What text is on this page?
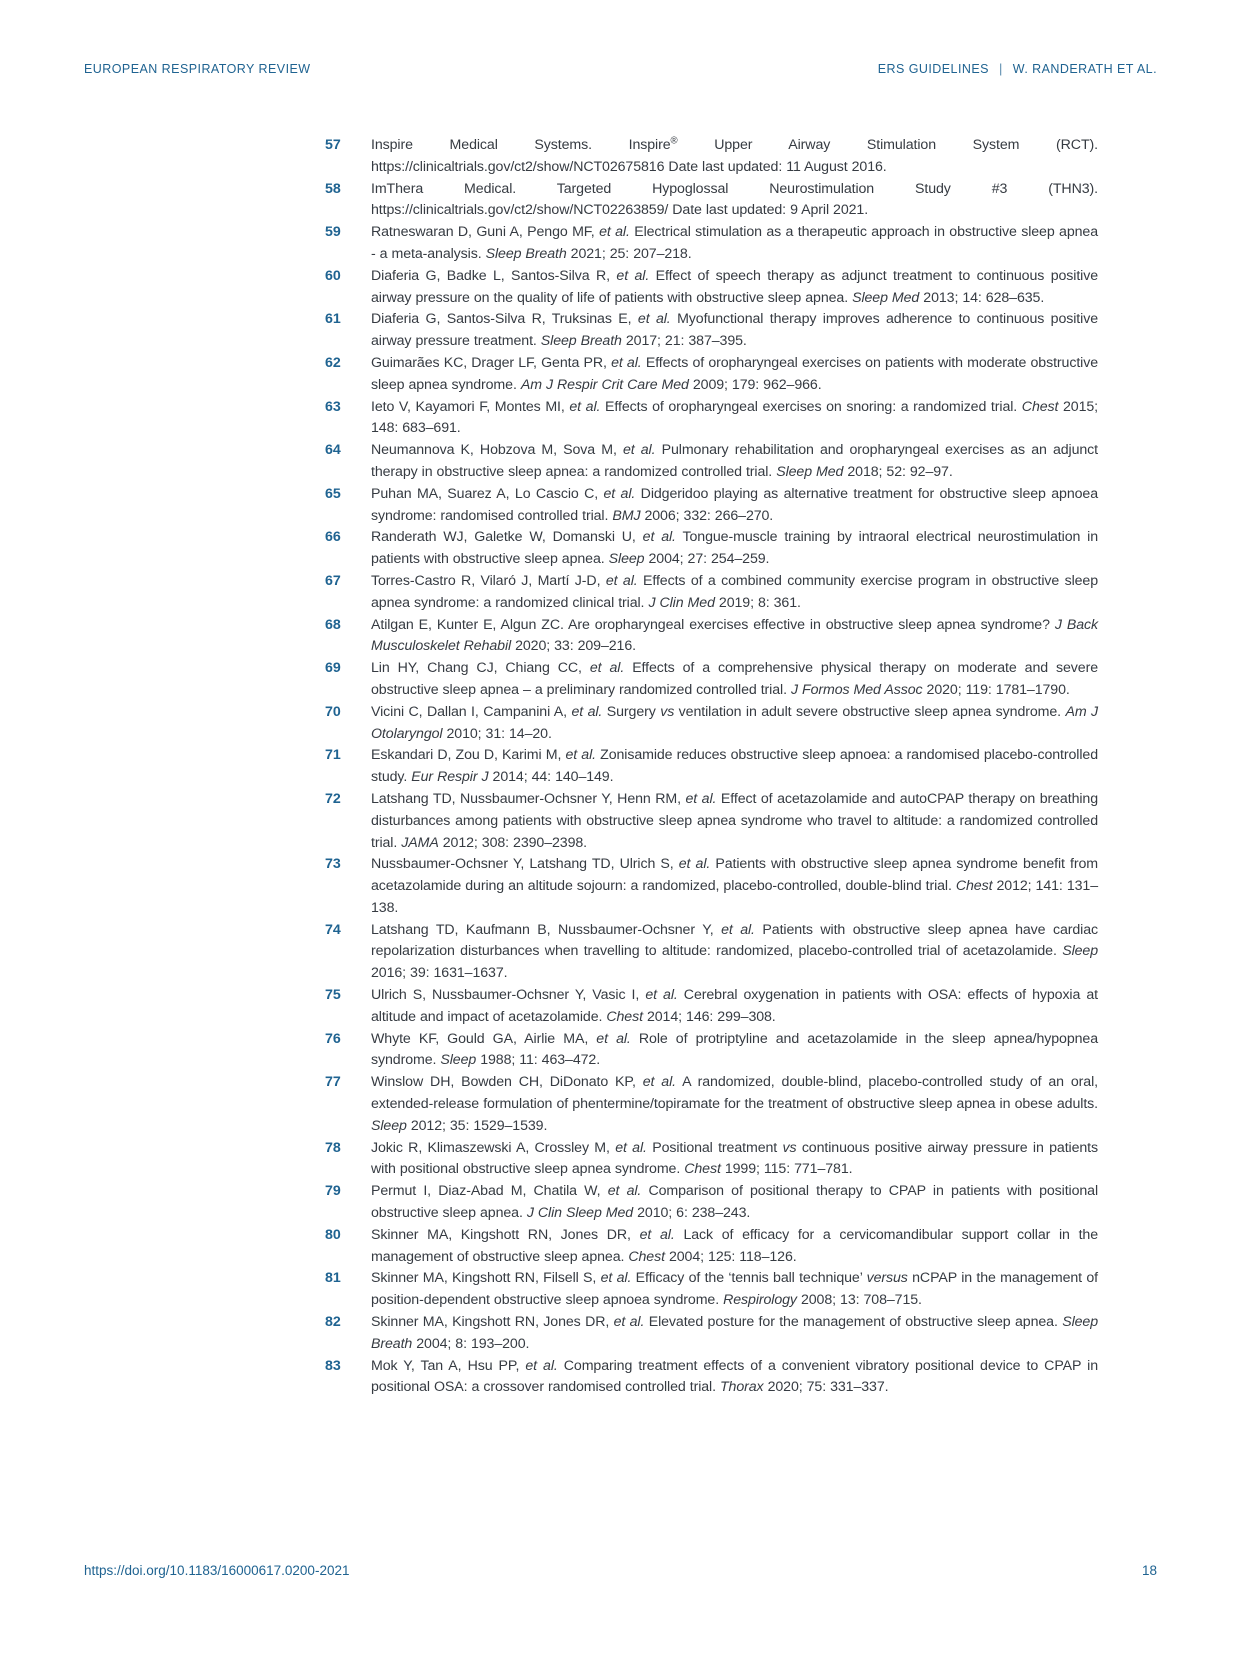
EUROPEAN RESPIRATORY REVIEW	ERS GUIDELINES | W. RANDERATH ET AL.
57	Inspire Medical Systems. Inspire® Upper Airway Stimulation System (RCT). https://clinicaltrials.gov/ct2/show/NCT02675816 Date last updated: 11 August 2016.

58	ImThera Medical. Targeted Hypoglossal Neurostimulation Study #3 (THN3). https://clinicaltrials.gov/ct2/show/NCT02263859/ Date last updated: 9 April 2021.

59	Ratneswaran D, Guni A, Pengo MF, et al. Electrical stimulation as a therapeutic approach in obstructive sleep apnea - a meta-analysis. Sleep Breath 2021; 25: 207–218.

60	Diaferia G, Badke L, Santos-Silva R, et al. Effect of speech therapy as adjunct treatment to continuous positive airway pressure on the quality of life of patients with obstructive sleep apnea. Sleep Med 2013; 14: 628–635.

61	Diaferia G, Santos-Silva R, Truksinas E, et al. Myofunctional therapy improves adherence to continuous positive airway pressure treatment. Sleep Breath 2017; 21: 387–395.

62	Guimarães KC, Drager LF, Genta PR, et al. Effects of oropharyngeal exercises on patients with moderate obstructive sleep apnea syndrome. Am J Respir Crit Care Med 2009; 179: 962–966.

63	Ieto V, Kayamori F, Montes MI, et al. Effects of oropharyngeal exercises on snoring: a randomized trial. Chest 2015; 148: 683–691.

64	Neumannova K, Hobzova M, Sova M, et al. Pulmonary rehabilitation and oropharyngeal exercises as an adjunct therapy in obstructive sleep apnea: a randomized controlled trial. Sleep Med 2018; 52: 92–97.

65	Puhan MA, Suarez A, Lo Cascio C, et al. Didgeridoo playing as alternative treatment for obstructive sleep apnoea syndrome: randomised controlled trial. BMJ 2006; 332: 266–270.

66	Randerath WJ, Galetke W, Domanski U, et al. Tongue-muscle training by intraoral electrical neurostimulation in patients with obstructive sleep apnea. Sleep 2004; 27: 254–259.

67	Torres-Castro R, Vilaró J, Martí J-D, et al. Effects of a combined community exercise program in obstructive sleep apnea syndrome: a randomized clinical trial. J Clin Med 2019; 8: 361.

68	Atilgan E, Kunter E, Algun ZC. Are oropharyngeal exercises effective in obstructive sleep apnea syndrome? J Back Musculoskelet Rehabil 2020; 33: 209–216.

69	Lin HY, Chang CJ, Chiang CC, et al. Effects of a comprehensive physical therapy on moderate and severe obstructive sleep apnea – a preliminary randomized controlled trial. J Formos Med Assoc 2020; 119: 1781–1790.

70	Vicini C, Dallan I, Campanini A, et al. Surgery vs ventilation in adult severe obstructive sleep apnea syndrome. Am J Otolaryngol 2010; 31: 14–20.

71	Eskandari D, Zou D, Karimi M, et al. Zonisamide reduces obstructive sleep apnoea: a randomised placebo-controlled study. Eur Respir J 2014; 44: 140–149.

72	Latshang TD, Nussbaumer-Ochsner Y, Henn RM, et al. Effect of acetazolamide and autoCPAP therapy on breathing disturbances among patients with obstructive sleep apnea syndrome who travel to altitude: a randomized controlled trial. JAMA 2012; 308: 2390–2398.

73	Nussbaumer-Ochsner Y, Latshang TD, Ulrich S, et al. Patients with obstructive sleep apnea syndrome benefit from acetazolamide during an altitude sojourn: a randomized, placebo-controlled, double-blind trial. Chest 2012; 141: 131–138.

74	Latshang TD, Kaufmann B, Nussbaumer-Ochsner Y, et al. Patients with obstructive sleep apnea have cardiac repolarization disturbances when travelling to altitude: randomized, placebo-controlled trial of acetazolamide. Sleep 2016; 39: 1631–1637.

75	Ulrich S, Nussbaumer-Ochsner Y, Vasic I, et al. Cerebral oxygenation in patients with OSA: effects of hypoxia at altitude and impact of acetazolamide. Chest 2014; 146: 299–308.

76	Whyte KF, Gould GA, Airlie MA, et al. Role of protriptyline and acetazolamide in the sleep apnea/hypopnea syndrome. Sleep 1988; 11: 463–472.

77	Winslow DH, Bowden CH, DiDonato KP, et al. A randomized, double-blind, placebo-controlled study of an oral, extended-release formulation of phentermine/topiramate for the treatment of obstructive sleep apnea in obese adults. Sleep 2012; 35: 1529–1539.

78	Jokic R, Klimaszewski A, Crossley M, et al. Positional treatment vs continuous positive airway pressure in patients with positional obstructive sleep apnea syndrome. Chest 1999; 115: 771–781.

79	Permut I, Diaz-Abad M, Chatila W, et al. Comparison of positional therapy to CPAP in patients with positional obstructive sleep apnea. J Clin Sleep Med 2010; 6: 238–243.

80	Skinner MA, Kingshott RN, Jones DR, et al. Lack of efficacy for a cervicomandibular support collar in the management of obstructive sleep apnea. Chest 2004; 125: 118–126.

81	Skinner MA, Kingshott RN, Filsell S, et al. Efficacy of the ‘tennis ball technique’ versus nCPAP in the management of position-dependent obstructive sleep apnoea syndrome. Respirology 2008; 13: 708–715.

82	Skinner MA, Kingshott RN, Jones DR, et al. Elevated posture for the management of obstructive sleep apnea. Sleep Breath 2004; 8: 193–200.

83	Mok Y, Tan A, Hsu PP, et al. Comparing treatment effects of a convenient vibratory positional device to CPAP in positional OSA: a crossover randomised controlled trial. Thorax 2020; 75: 331–337.

https://doi.org/10.1183/16000617.0200-2021	18
